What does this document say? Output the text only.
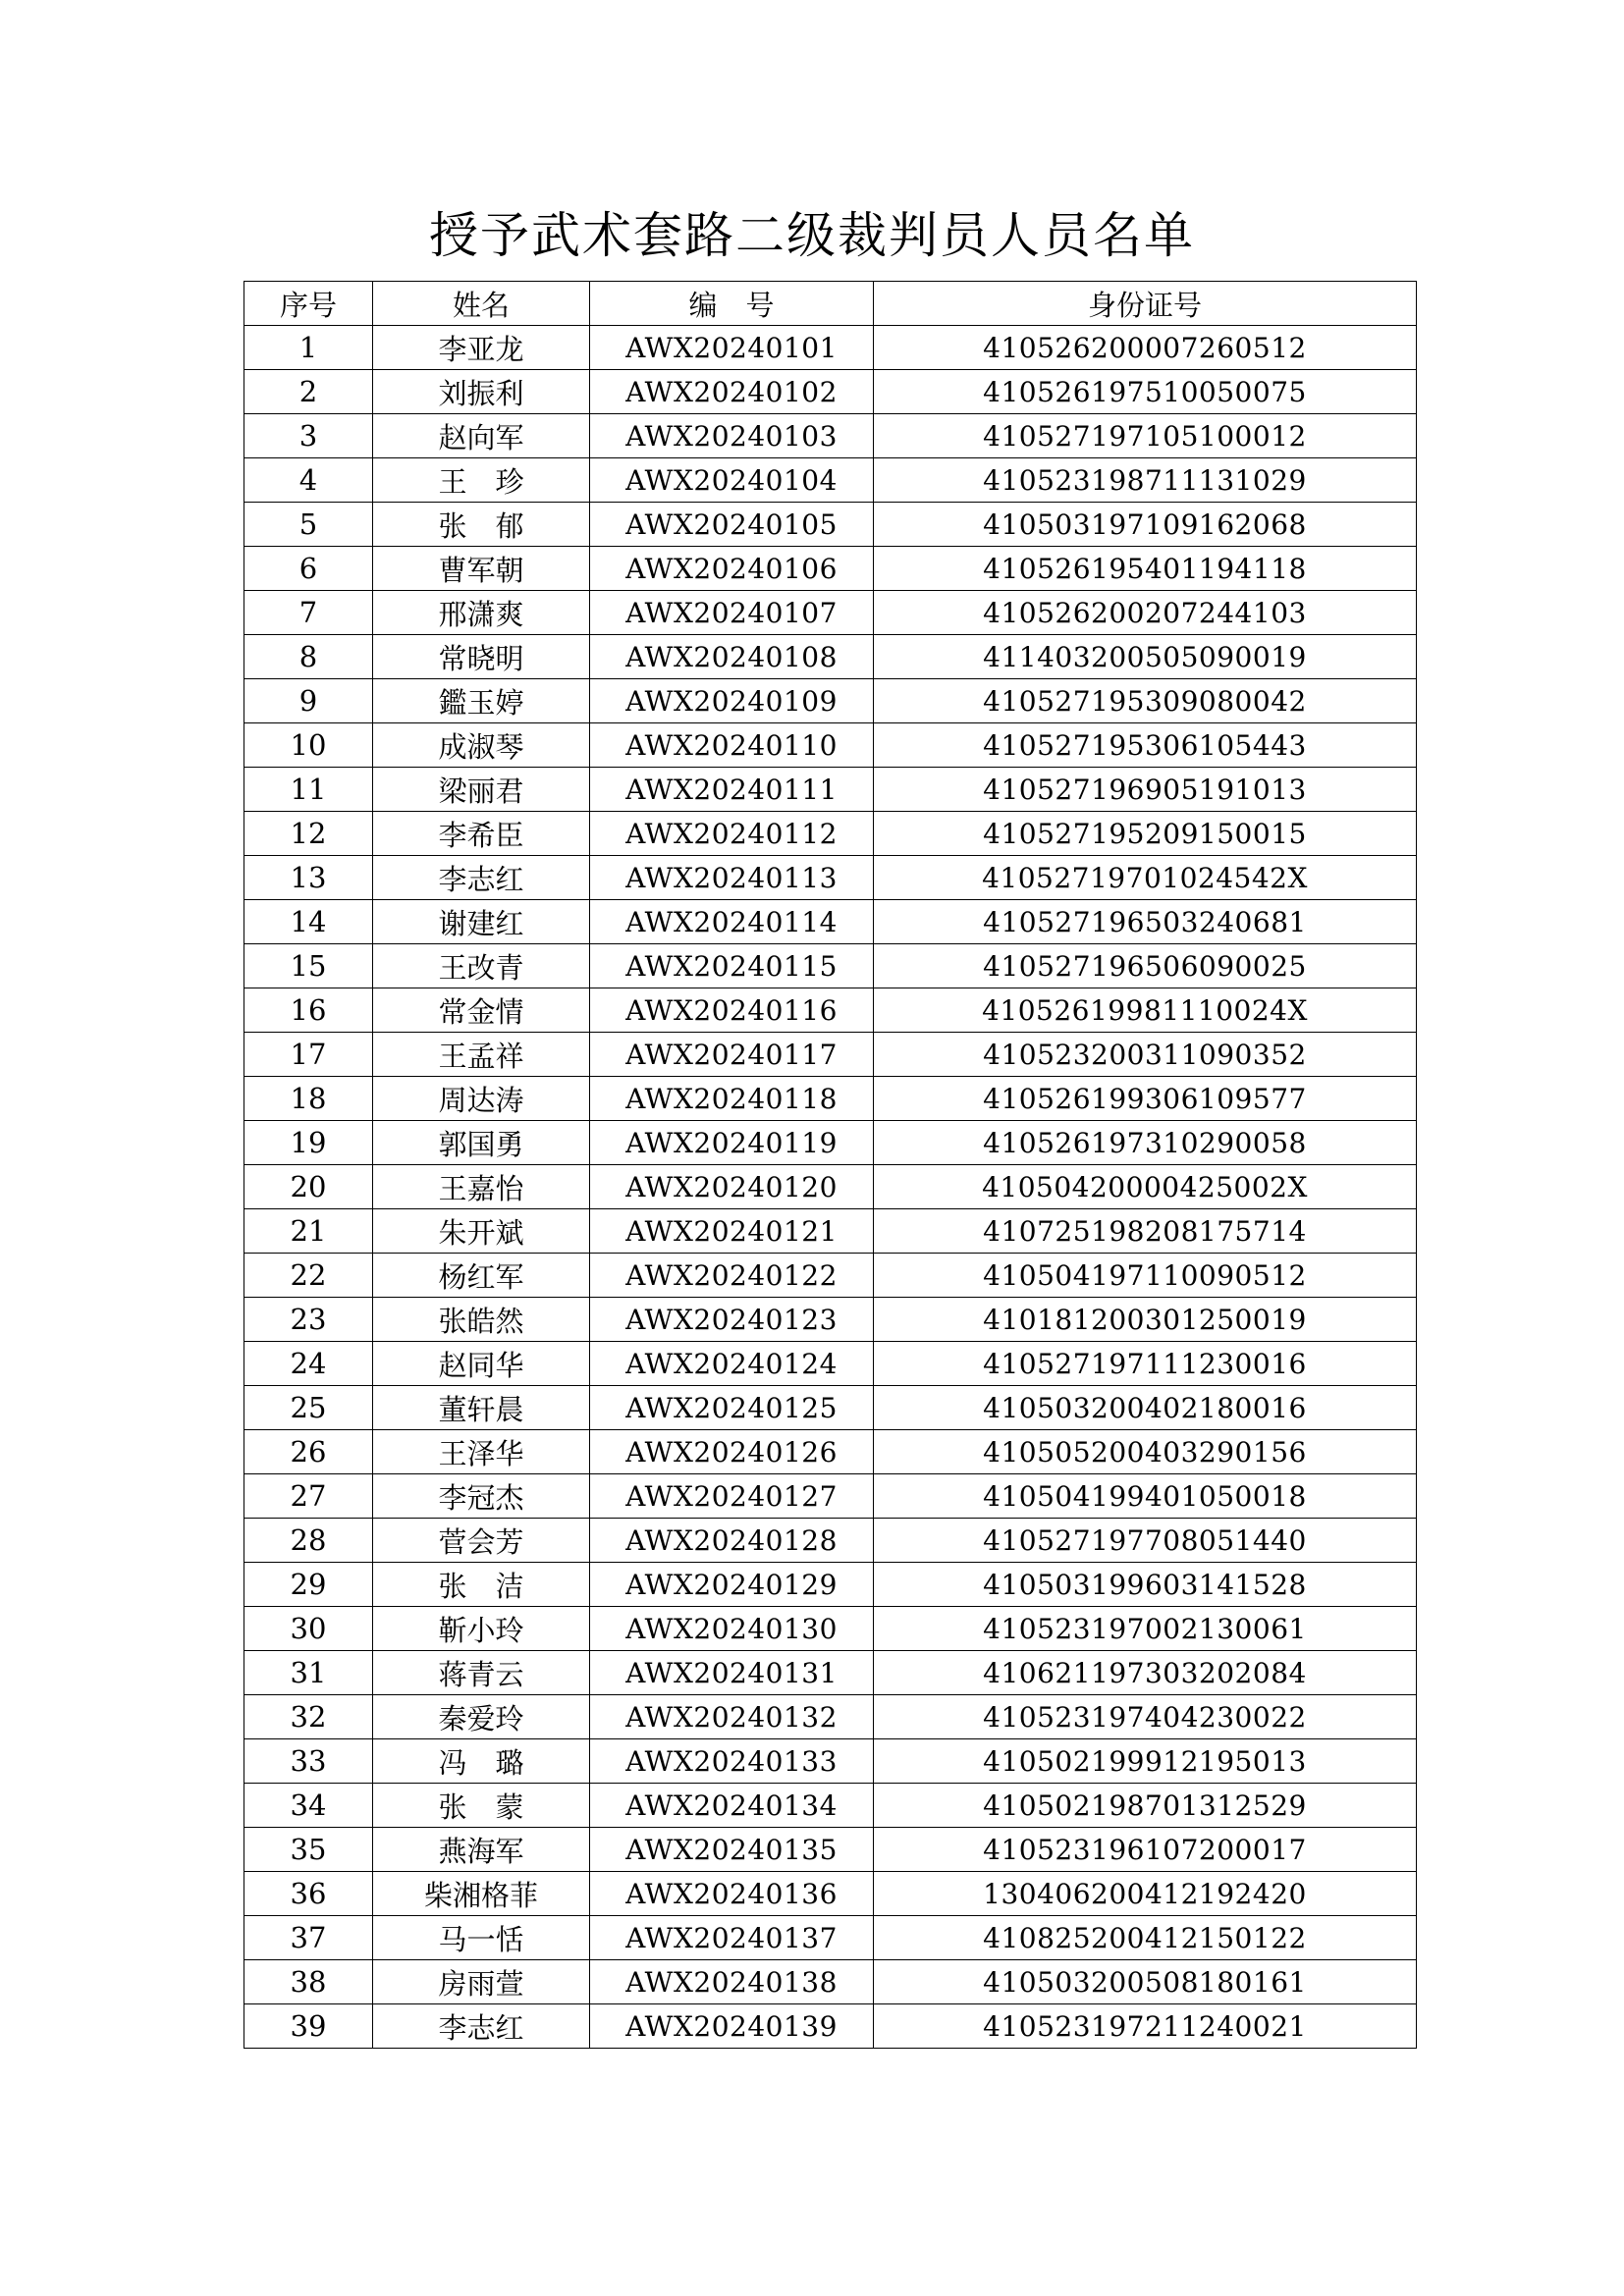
授予武术套路二级裁判员人员名单
序号	姓名	编　号	身份证号
1	李亚龙	AWX20240101	410526200007260512
2	刘振利	AWX20240102	410526197510050075
3	赵向军	AWX20240103	410527197105100012
4	王　珍	AWX20240104	410523198711131029
5	张　郁	AWX20240105	410503197109162068
6	曹军朝	AWX20240106	410526195401194118
7	邢潇爽	AWX20240107	410526200207244103
8	常晓明	AWX20240108	411403200505090019
9	鑑玉婷	AWX20240109	410527195309080042
10	成淑琴	AWX20240110	410527195306105443
11	梁丽君	AWX20240111	410527196905191013
12	李希臣	AWX20240112	410527195209150015
13	李志红	AWX20240113	41052719701024542X
14	谢建红	AWX20240114	410527196503240681
15	王改青	AWX20240115	410527196506090025
16	常金情	AWX20240116	41052619981110024X
17	王孟祥	AWX20240117	410523200311090352
18	周达涛	AWX20240118	410526199306109577
19	郭国勇	AWX20240119	410526197310290058
20	王嘉怡	AWX20240120	41050420000425002X
21	朱开斌	AWX20240121	410725198208175714
22	杨红军	AWX20240122	410504197110090512
23	张皓然	AWX20240123	410181200301250019
24	赵同华	AWX20240124	410527197111230016
25	董轩晨	AWX20240125	410503200402180016
26	王泽华	AWX20240126	410505200403290156
27	李冠杰	AWX20240127	410504199401050018
28	菅会芳	AWX20240128	410527197708051440
29	张　洁	AWX20240129	410503199603141528
30	靳小玲	AWX20240130	410523197002130061
31	蒋青云	AWX20240131	410621197303202084
32	秦爱玲	AWX20240132	410523197404230022
33	冯　璐	AWX20240133	410502199912195013
34	张　蒙	AWX20240134	410502198701312529
35	燕海军	AWX20240135	410523196107200017
36	柴湘格菲	AWX20240136	130406200412192420
37	马一恬	AWX20240137	410825200412150122
38	房雨萱	AWX20240138	410503200508180161
39	李志红	AWX20240139	410523197211240021
